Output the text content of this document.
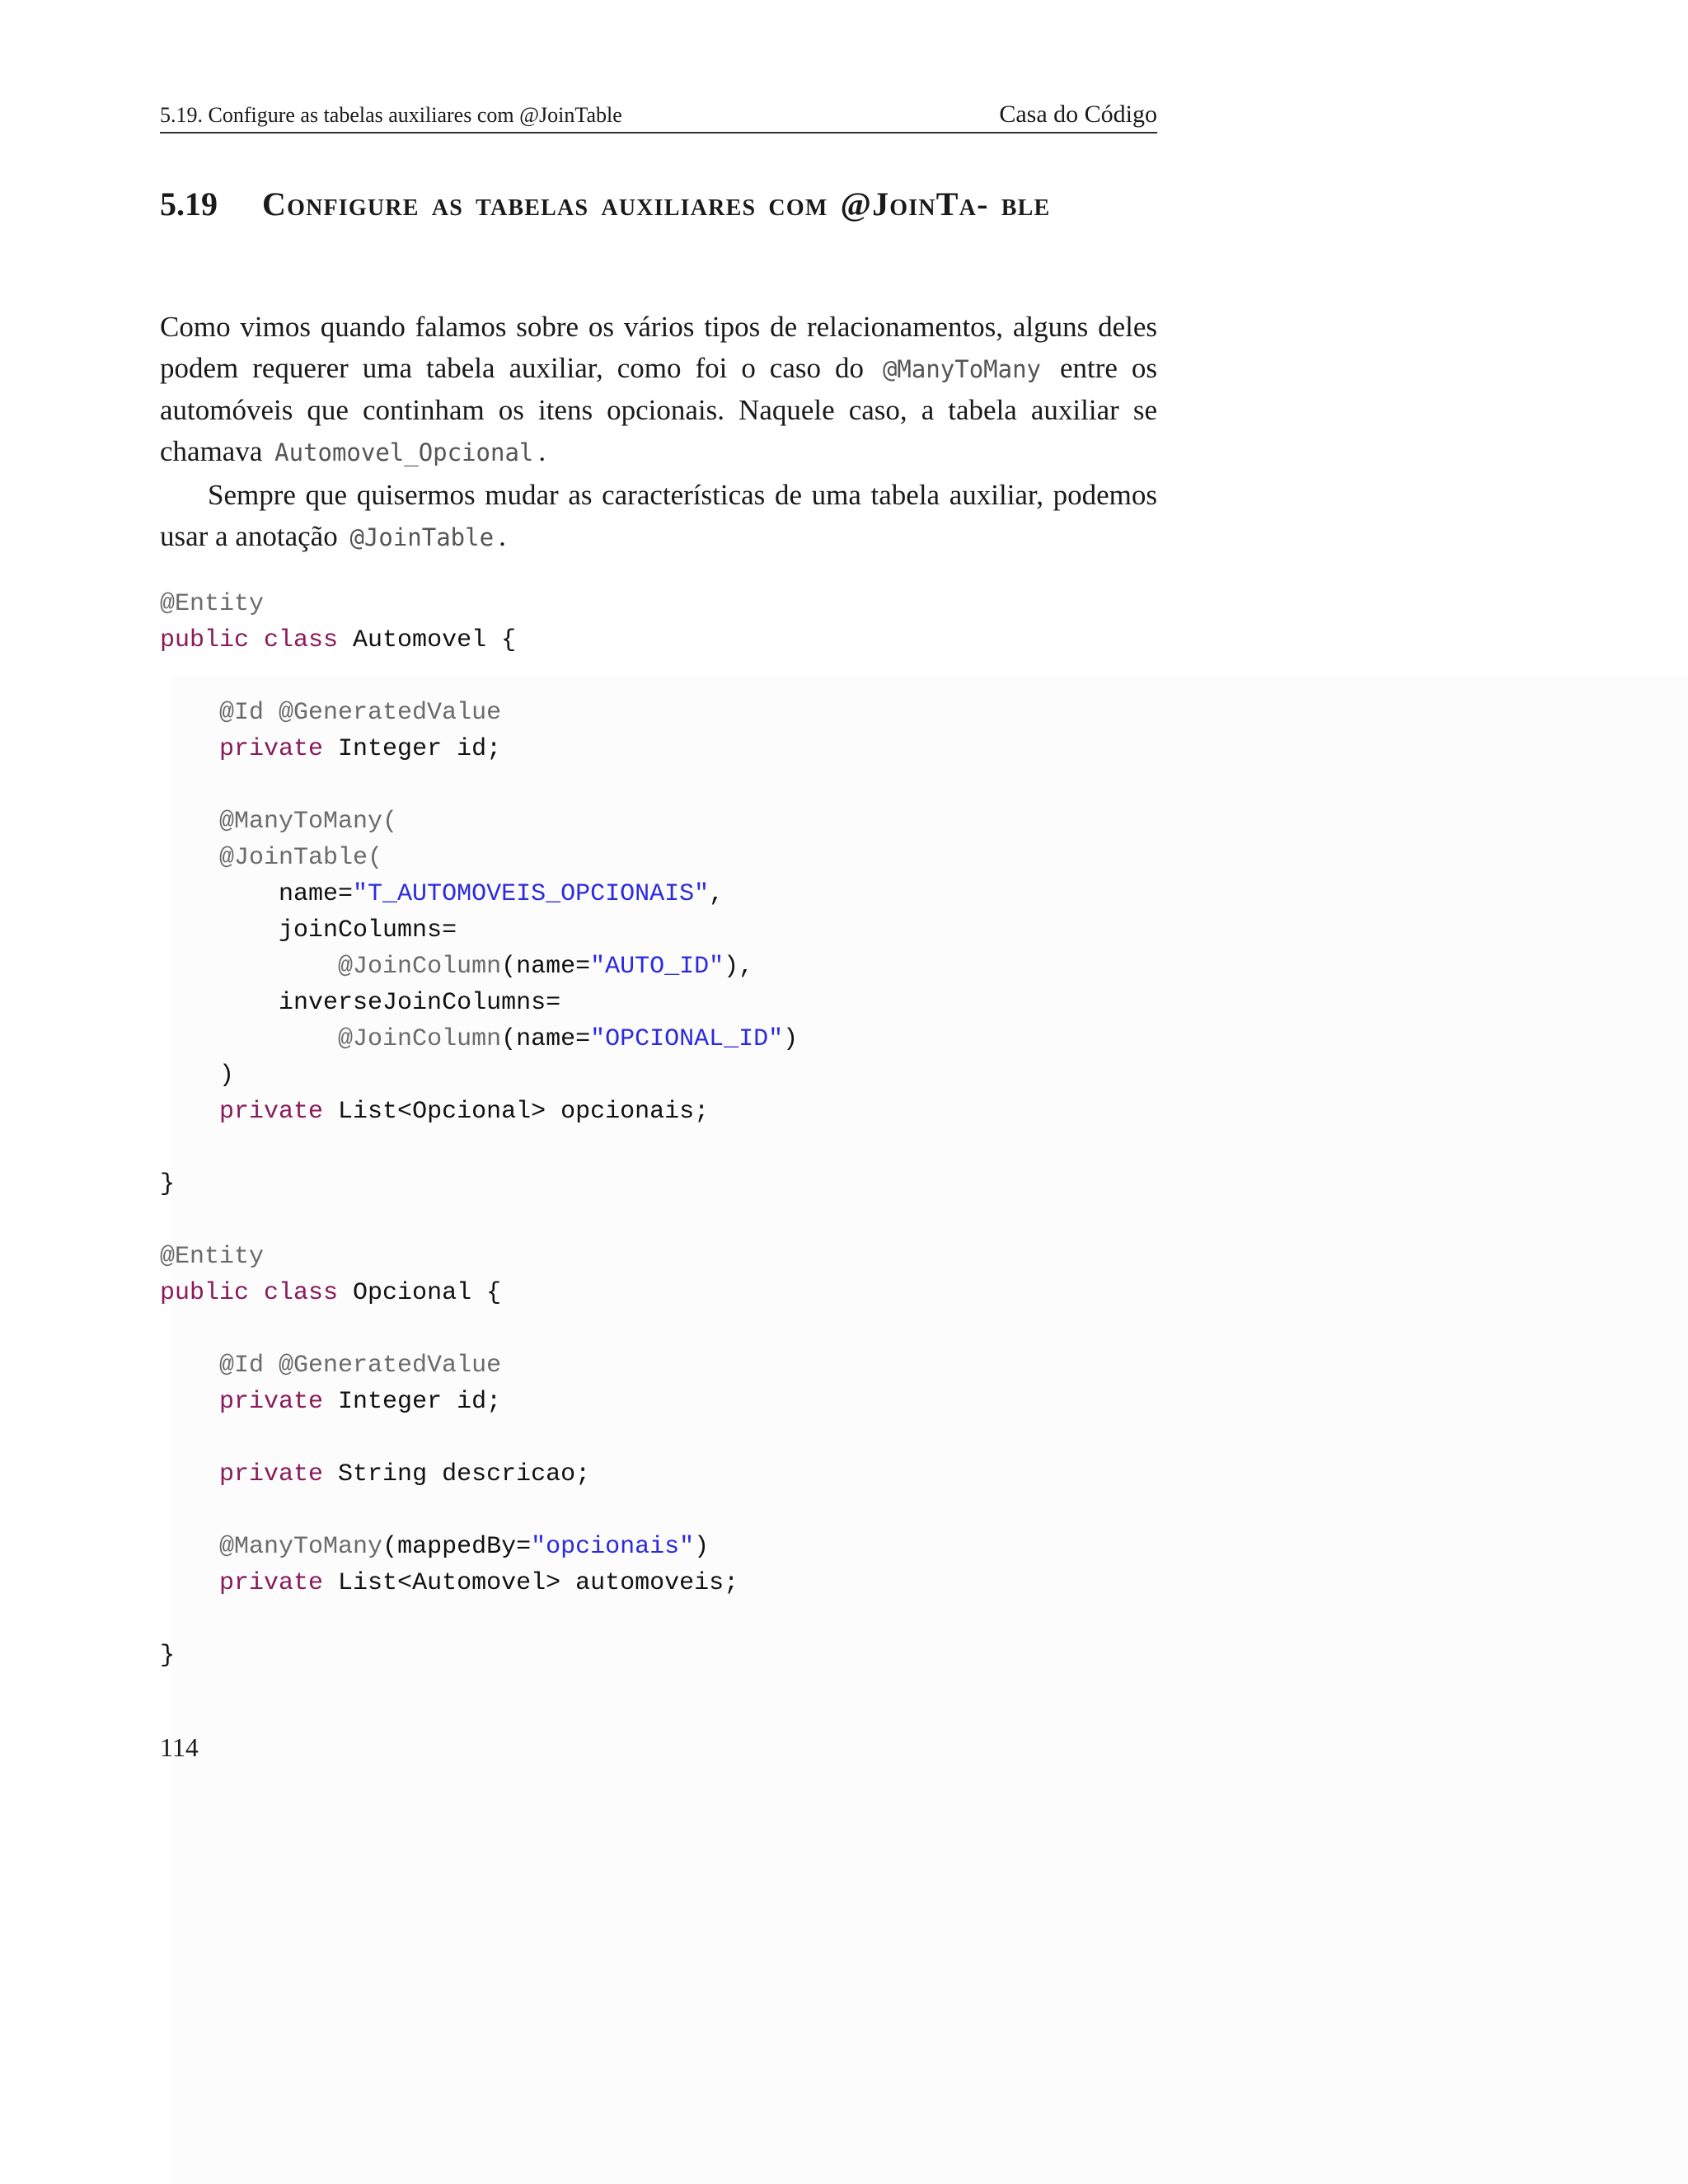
5.19. Configure as tabelas auxiliares com @JoinTable	Casa do Código
5.19 Configure as tabelas auxiliares com @JoinTa- ble
Como vimos quando falamos sobre os vários tipos de relacionamentos, alguns deles podem requerer uma tabela auxiliar, como foi o caso do @ManyToMany entre os automóveis que continham os itens opcionais. Naquele caso, a tabela auxiliar se chamava Automovel_Opcional .
Sempre que quisermos mudar as características de uma tabela auxiliar, podemos usar a anotação @JoinTable .
@Entity
public class Automovel {

@Id @GeneratedValue
private Integer id;

@ManyToMany(
@JoinTable(
name="T_AUTOMOVEIS_OPCIONAIS",
joinColumns=
@JoinColumn(name="AUTO_ID"),
inverseJoinColumns=
@JoinColumn(name="OPCIONAL_ID")
)
private List<Opcional> opcionais;

}

@Entity
public class Opcional {

@Id @GeneratedValue
private Integer id;

private String descricao;

@ManyToMany(mappedBy="opcionais")
private List<Automovel> automoveis;

}
114
